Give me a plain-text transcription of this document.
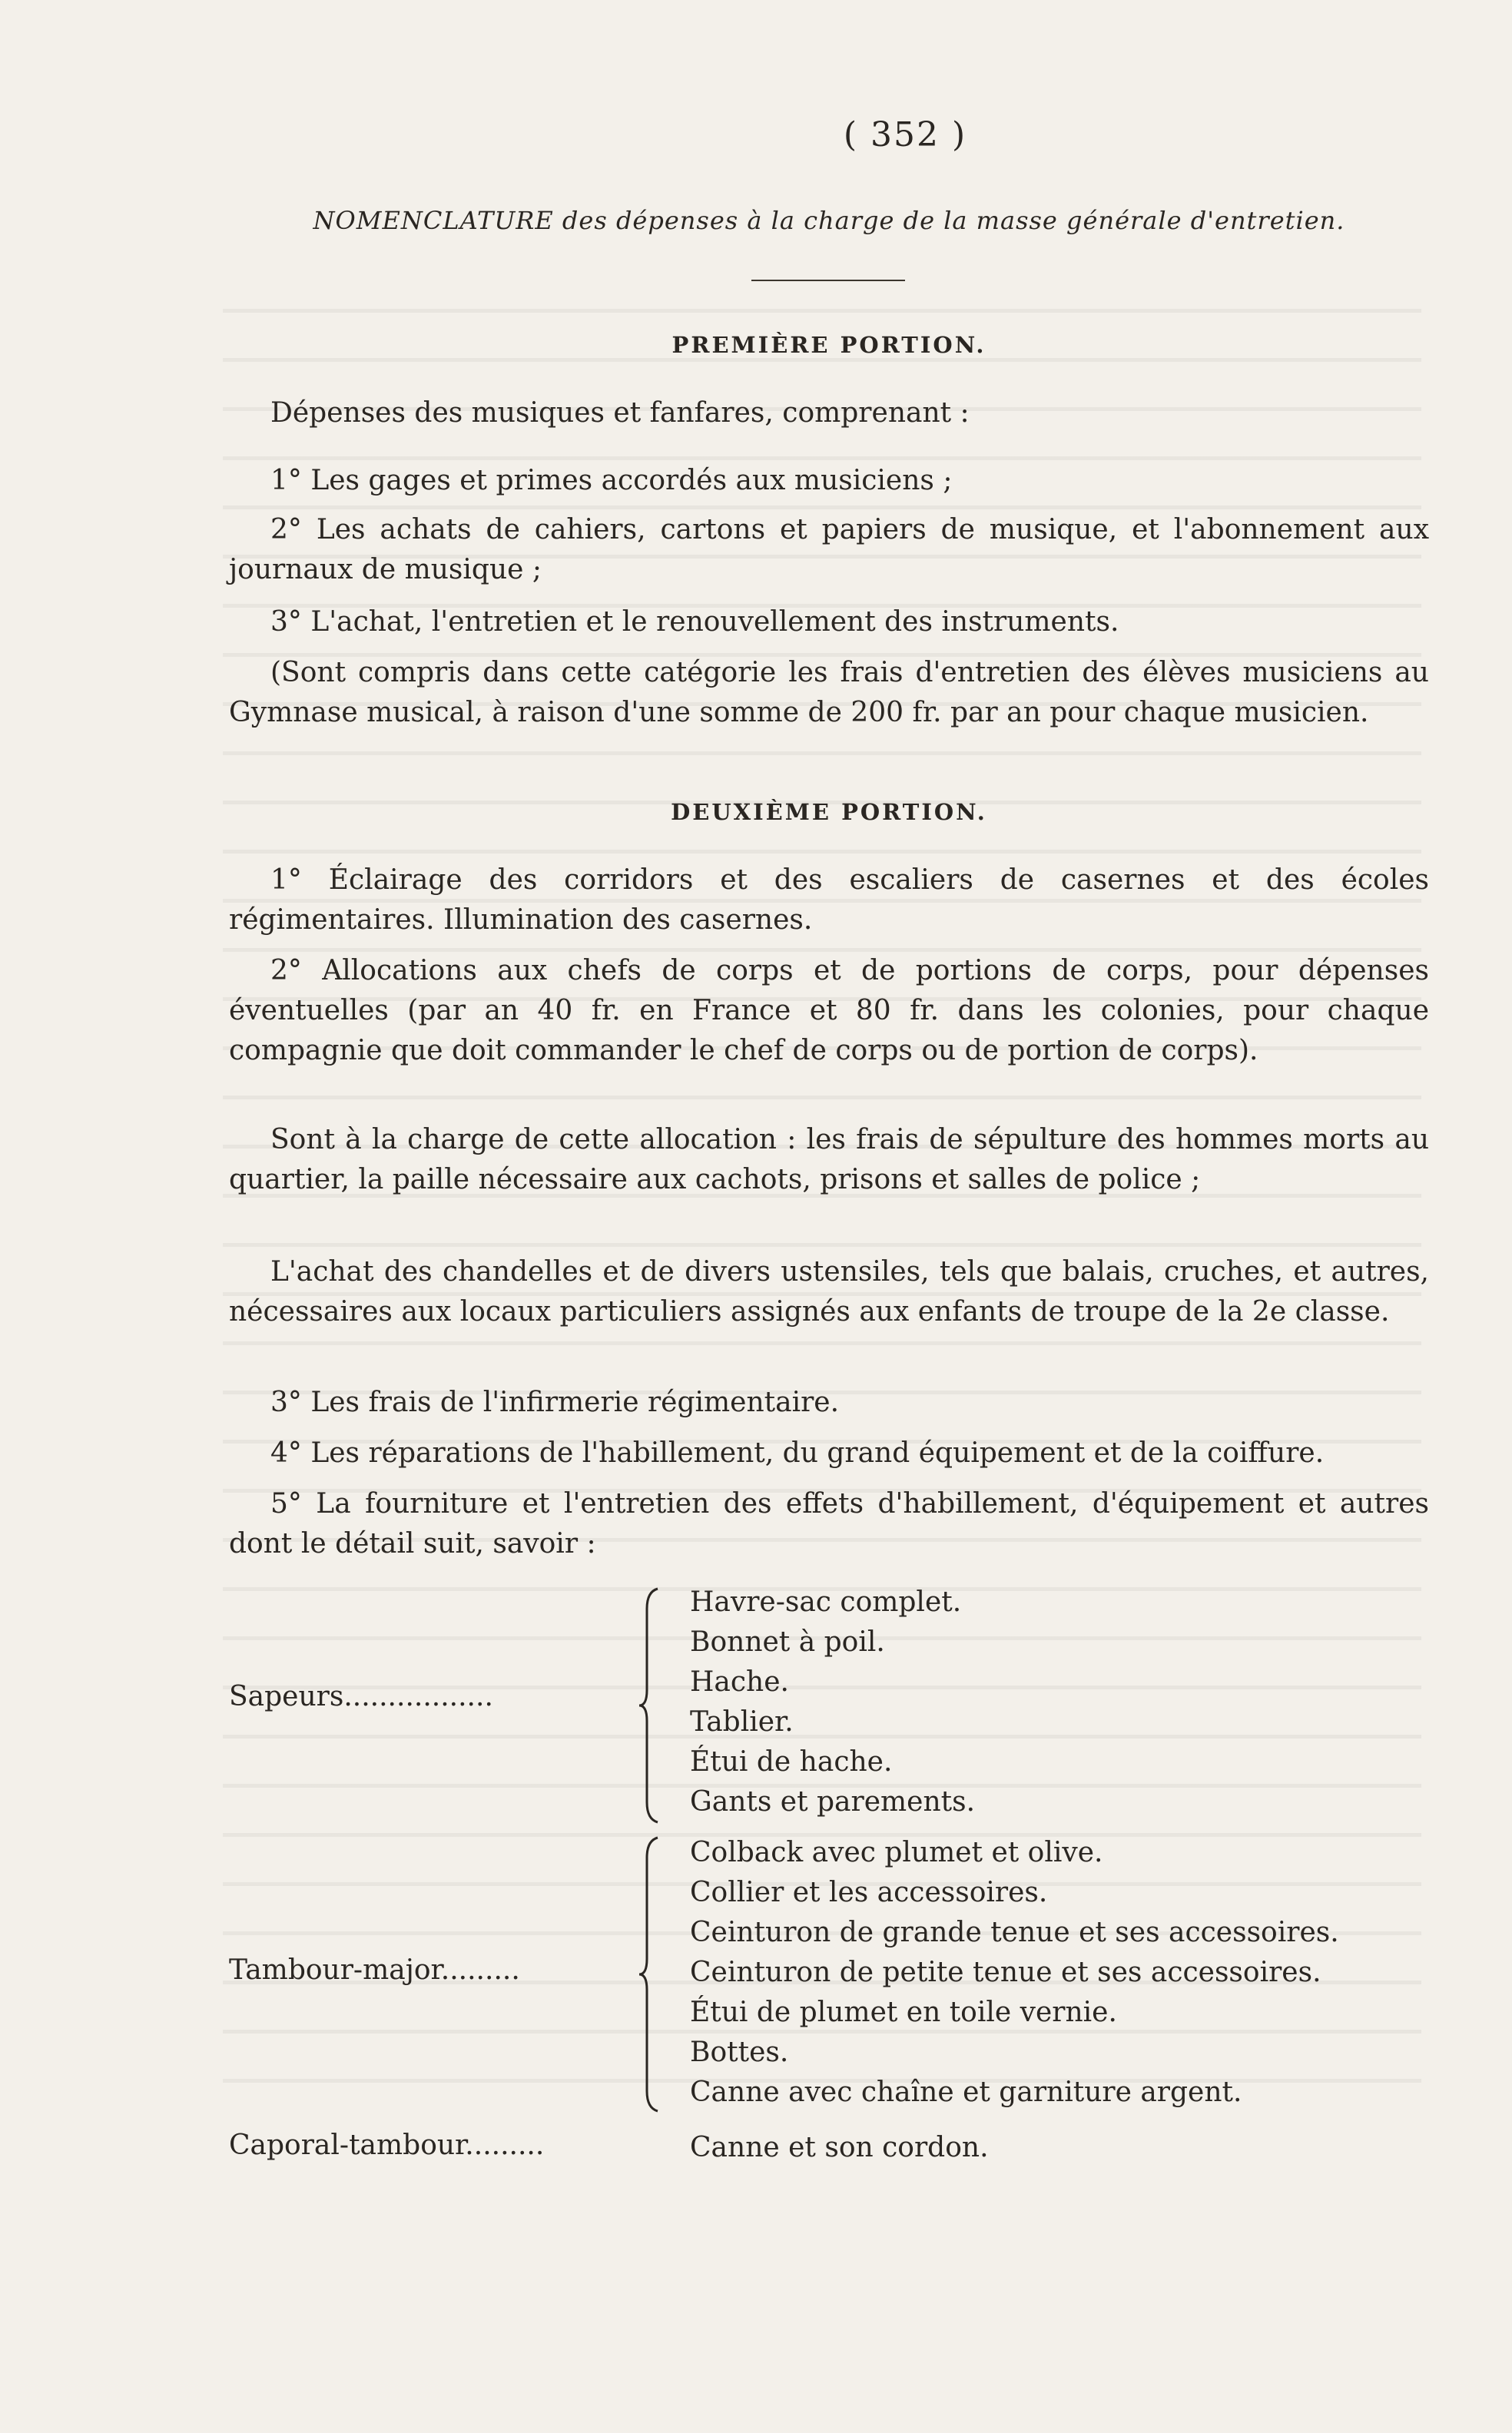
( 352 )
NOMENCLATURE des dépenses à la charge de la masse générale d'entretien.
PREMIÈRE PORTION.
Dépenses des musiques et fanfares, comprenant :
1° Les gages et primes accordés aux musiciens ;
2° Les achats de cahiers, cartons et papiers de musique, et l'abonnement aux journaux de musique ;
3° L'achat, l'entretien et le renouvellement des instruments.
(Sont compris dans cette catégorie les frais d'entretien des élèves musiciens au Gymnase musical, à raison d'une somme de 200 fr. par an pour chaque musicien.
DEUXIÈME PORTION.
1° Éclairage des corridors et des escaliers de casernes et des écoles régimentaires. Illumination des casernes.
2° Allocations aux chefs de corps et de portions de corps, pour dépenses éventuelles (par an 40 fr. en France et 80 fr. dans les colonies, pour chaque compagnie que doit commander le chef de corps ou de portion de corps).
Sont à la charge de cette allocation : les frais de sépulture des hommes morts au quartier, la paille nécessaire aux cachots, prisons et salles de police ;
L'achat des chandelles et de divers ustensiles, tels que balais, cruches, et autres, nécessaires aux locaux particuliers assignés aux enfants de troupe de la 2e classe.
3° Les frais de l'infirmerie régimentaire.
4° Les réparations de l'habillement, du grand équipement et de la coiffure.
5° La fourniture et l'entretien des effets d'habillement, d'équipement et autres dont le détail suit, savoir :
Sapeurs.................
Havre-sac complet.
Bonnet à poil.
Hache.
Tablier.
Étui de hache.
Gants et parements.
Tambour-major.........
Colback avec plumet et olive.
Collier et les accessoires.
Ceinturon de grande tenue et ses accessoires.
Ceinturon de petite tenue et ses accessoires.
Étui de plumet en toile vernie.
Bottes.
Canne avec chaîne et garniture argent.
Caporal-tambour.........	Canne et son cordon.
